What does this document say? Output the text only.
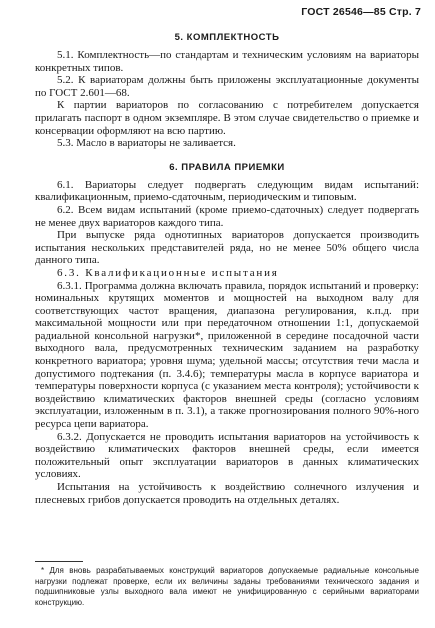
ГОСТ 26546—85 Стр. 7
5. КОМПЛЕКТНОСТЬ

5.1. Комплектность—по стандартам и техническим условиям на вариаторы конкретных типов.

5.2. К вариаторам должны быть приложены эксплуатационные документы по ГОСТ 2.601—68.

К партии вариаторов по согласованию с потребителем допускается прилагать паспорт в одном экземпляре. В этом случае свидетельство о приемке и консервации оформляют на всю партию.

5.3. Масло в вариаторы не заливается.

6. ПРАВИЛА ПРИЕМКИ

6.1. Вариаторы следует подвергать следующим видам испытаний: квалификационным, приемо-сдаточным, периодическим и типовым.

6.2. Всем видам испытаний (кроме приемо-сдаточных) следует подвергать не менее двух вариаторов каждого типа.

При выпуске ряда однотипных вариаторов допускается производить испытания нескольких представителей ряда, но не менее 50% общего числа данного типа.

6.3. Квалификационные испытания

6.3.1. Программа должна включать правила, порядок испытаний и проверку: номинальных крутящих моментов и мощностей на выходном валу для соответствующих частот вращения, диапазона регулирования, к.п.д. при максимальной мощности или при передаточном отношении 1:1, допускаемой радиальной консольной нагрузки*, приложенной в середине посадочной части выходного вала, предусмотренных техническим заданием на разработку конкретного вариатора; уровня шума; удельной массы; отсутствия течи масла и допустимого подтекания (п. 3.4.6); температуры масла в корпусе вариатора и температуры поверхности корпуса (с указанием места контроля); устойчивости к воздействию климатических факторов внешней среды (согласно условиям эксплуатации, изложенным в п. 3.1), а также прогнозирования полного 90%-ного ресурса цепи вариатора.

6.3.2. Допускается не проводить испытания вариаторов на устойчивость к воздействию климатических факторов внешней среды, если имеется положительный опыт эксплуатации вариаторов в данных климатических условиях.

Испытания на устойчивость к воздействию солнечного излучения и плесневых грибов допускается проводить на отдельных деталях.

* Для вновь разрабатываемых конструкций вариаторов допускаемые радиальные консольные нагрузки подлежат проверке, если их величины заданы требованиями технического задания и подшипниковые узлы выходного вала имеют не унифицированную с серийными вариаторами конструкцию.
